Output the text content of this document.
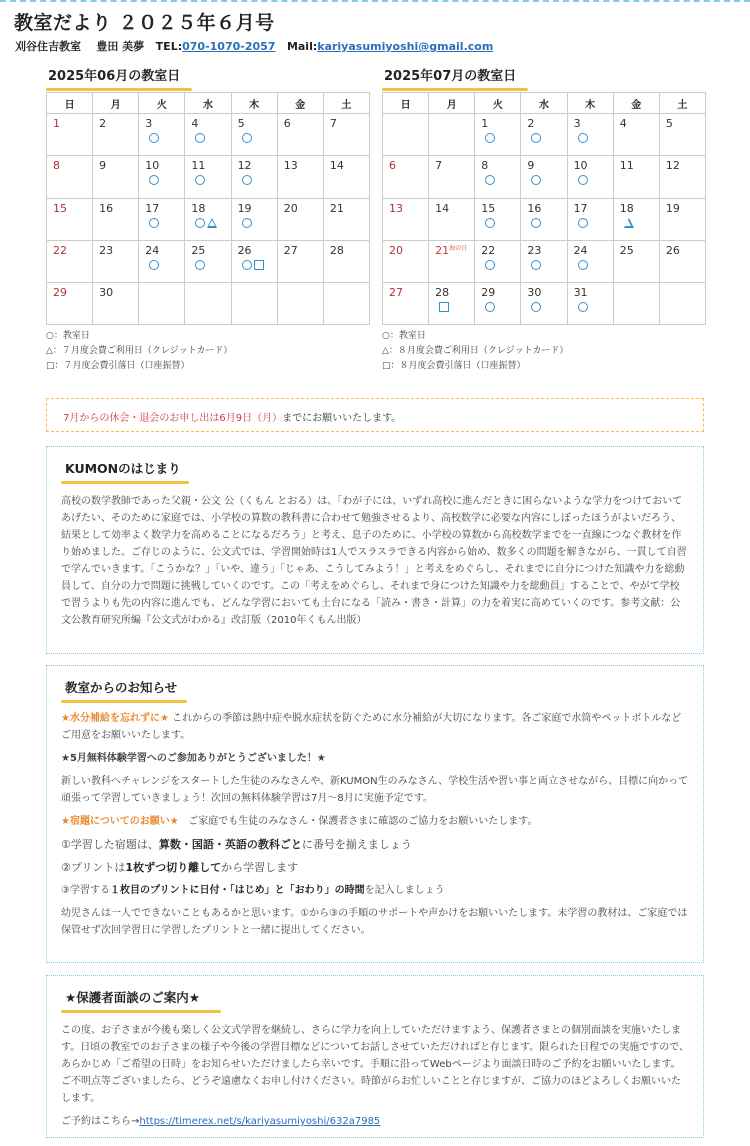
教室だより ２０２５年６月号
刈谷住吉教室 豊田 美夢 TEL:070-1070-2057 Mail:kariyasumiyoshi@gmail.com
2025年06月の教室日
日	月	火	水	木	金	土
1	2	3	4	5	6	7
8	9	10	11	12	13	14
15	16	17	18	19	20	21
22	23	24	25	26	27	28
29	30					
○：教室日
△：７月度会費ご利用日（クレジットカード）
□：７月度会費引落日（口座振替）
2025年07月の教室日
日	月	火	水	木	金	土
		1	2	3	4	5
6	7	8	9	10	11	12
13	14	15	16	17	18	19
20	21 海の日	22	23	24	25	26
27	28	29	30	31

○：教室日
△：８月度会費ご利用日（クレジットカード）
□：８月度会費引落日（口座振替）
7月からの休会・退会のお申し出は6月9日（月）までにお願いいたします。
KUMONのはじまり

高校の数学教師であった父親・公文 公（くもん とおる）は、「わが子には、いずれ高校に進んだときに困らないような学力をつけておいてあげたい、そのために家庭では、小学校の算数の教科書に合わせて勉強させるより、高校数学に必要な内容にしぼったほうがよいだろう、結果として効率よく数学力を高めることになるだろう」と考え、息子のために、小学校の算数から高校数学までを一直線につなぐ教材を作り始めました。ご存じのように、公文式では、学習開始時は1人でスラスラできる内容から始め、数多くの問題を解きながら、一貫して自習で学んでいきます。「こうかな？」「いや、違う」「じゃあ、こうしてみよう！」と考えをめぐらし、それまでに自分につけた知識や力を総動員して、自分の力で問題に挑戦していくのです。この「考えをめぐらし、それまで身につけた知識や力を総動員」することで、やがて学校で習うよりも先の内容に進んでも、どんな学習においても土台になる「読み・書き・計算」の力を着実に高めていくのです。参考文献：公文公教育研究所編『公文式がわかる』改訂版（2010年くもん出版）

教室からのお知らせ

★水分補給を忘れずに★ これからの季節は熱中症や脱水症状を防ぐために水分補給が大切になります。各ご家庭で水筒やペットボトルなどご用意をお願いいたします。

★5月無料体験学習へのご参加ありがとうございました！★

新しい教科へチャレンジをスタートした生徒のみなさんや、新KUMON生のみなさん、学校生活や習い事と両立させながら、目標に向かって頑張って学習していきましょう！次回の無料体験学習は7月〜8月に実施予定です。

★宿題についてのお願い★ ご家庭でも生徒のみなさん・保護者さまに確認のご協力をお願いいたします。

①学習した宿題は、算数・国語・英語の教科ごとに番号を揃えましょう

②プリントは1枚ずつ切り離してから学習します

③学習する１枚目のプリントに日付・「はじめ」と「おわり」の時間を記入しましょう

幼児さんは一人でできないこともあるかと思います。①から③の手順のサポートや声かけをお願いいたします。未学習の教材は、ご家庭では保管せず次回学習日に学習したプリントと一緒に提出してください。

★保護者面談のご案内★

この度、お子さまが今後も楽しく公文式学習を継続し、さらに学力を向上していただけますよう、保護者さまとの個別面談を実施いたします。日頃の教室でのお子さまの様子や今後の学習目標などについてお話しさせていただければと存じます。限られた日程での実施ですので、あらかじめ「ご希望の日時」をお知らせいただけましたら幸いです。手順に沿ってWebページより面談日時のご予約をお願いいたします。ご不明点等ございましたら、どうぞ遠慮なくお申し付けください。時節がらお忙しいことと存じますが、ご協力のほどよろしくお願いいたします。

ご予約はこちら→https://timerex.net/s/kariyasumiyoshi/632a7985
